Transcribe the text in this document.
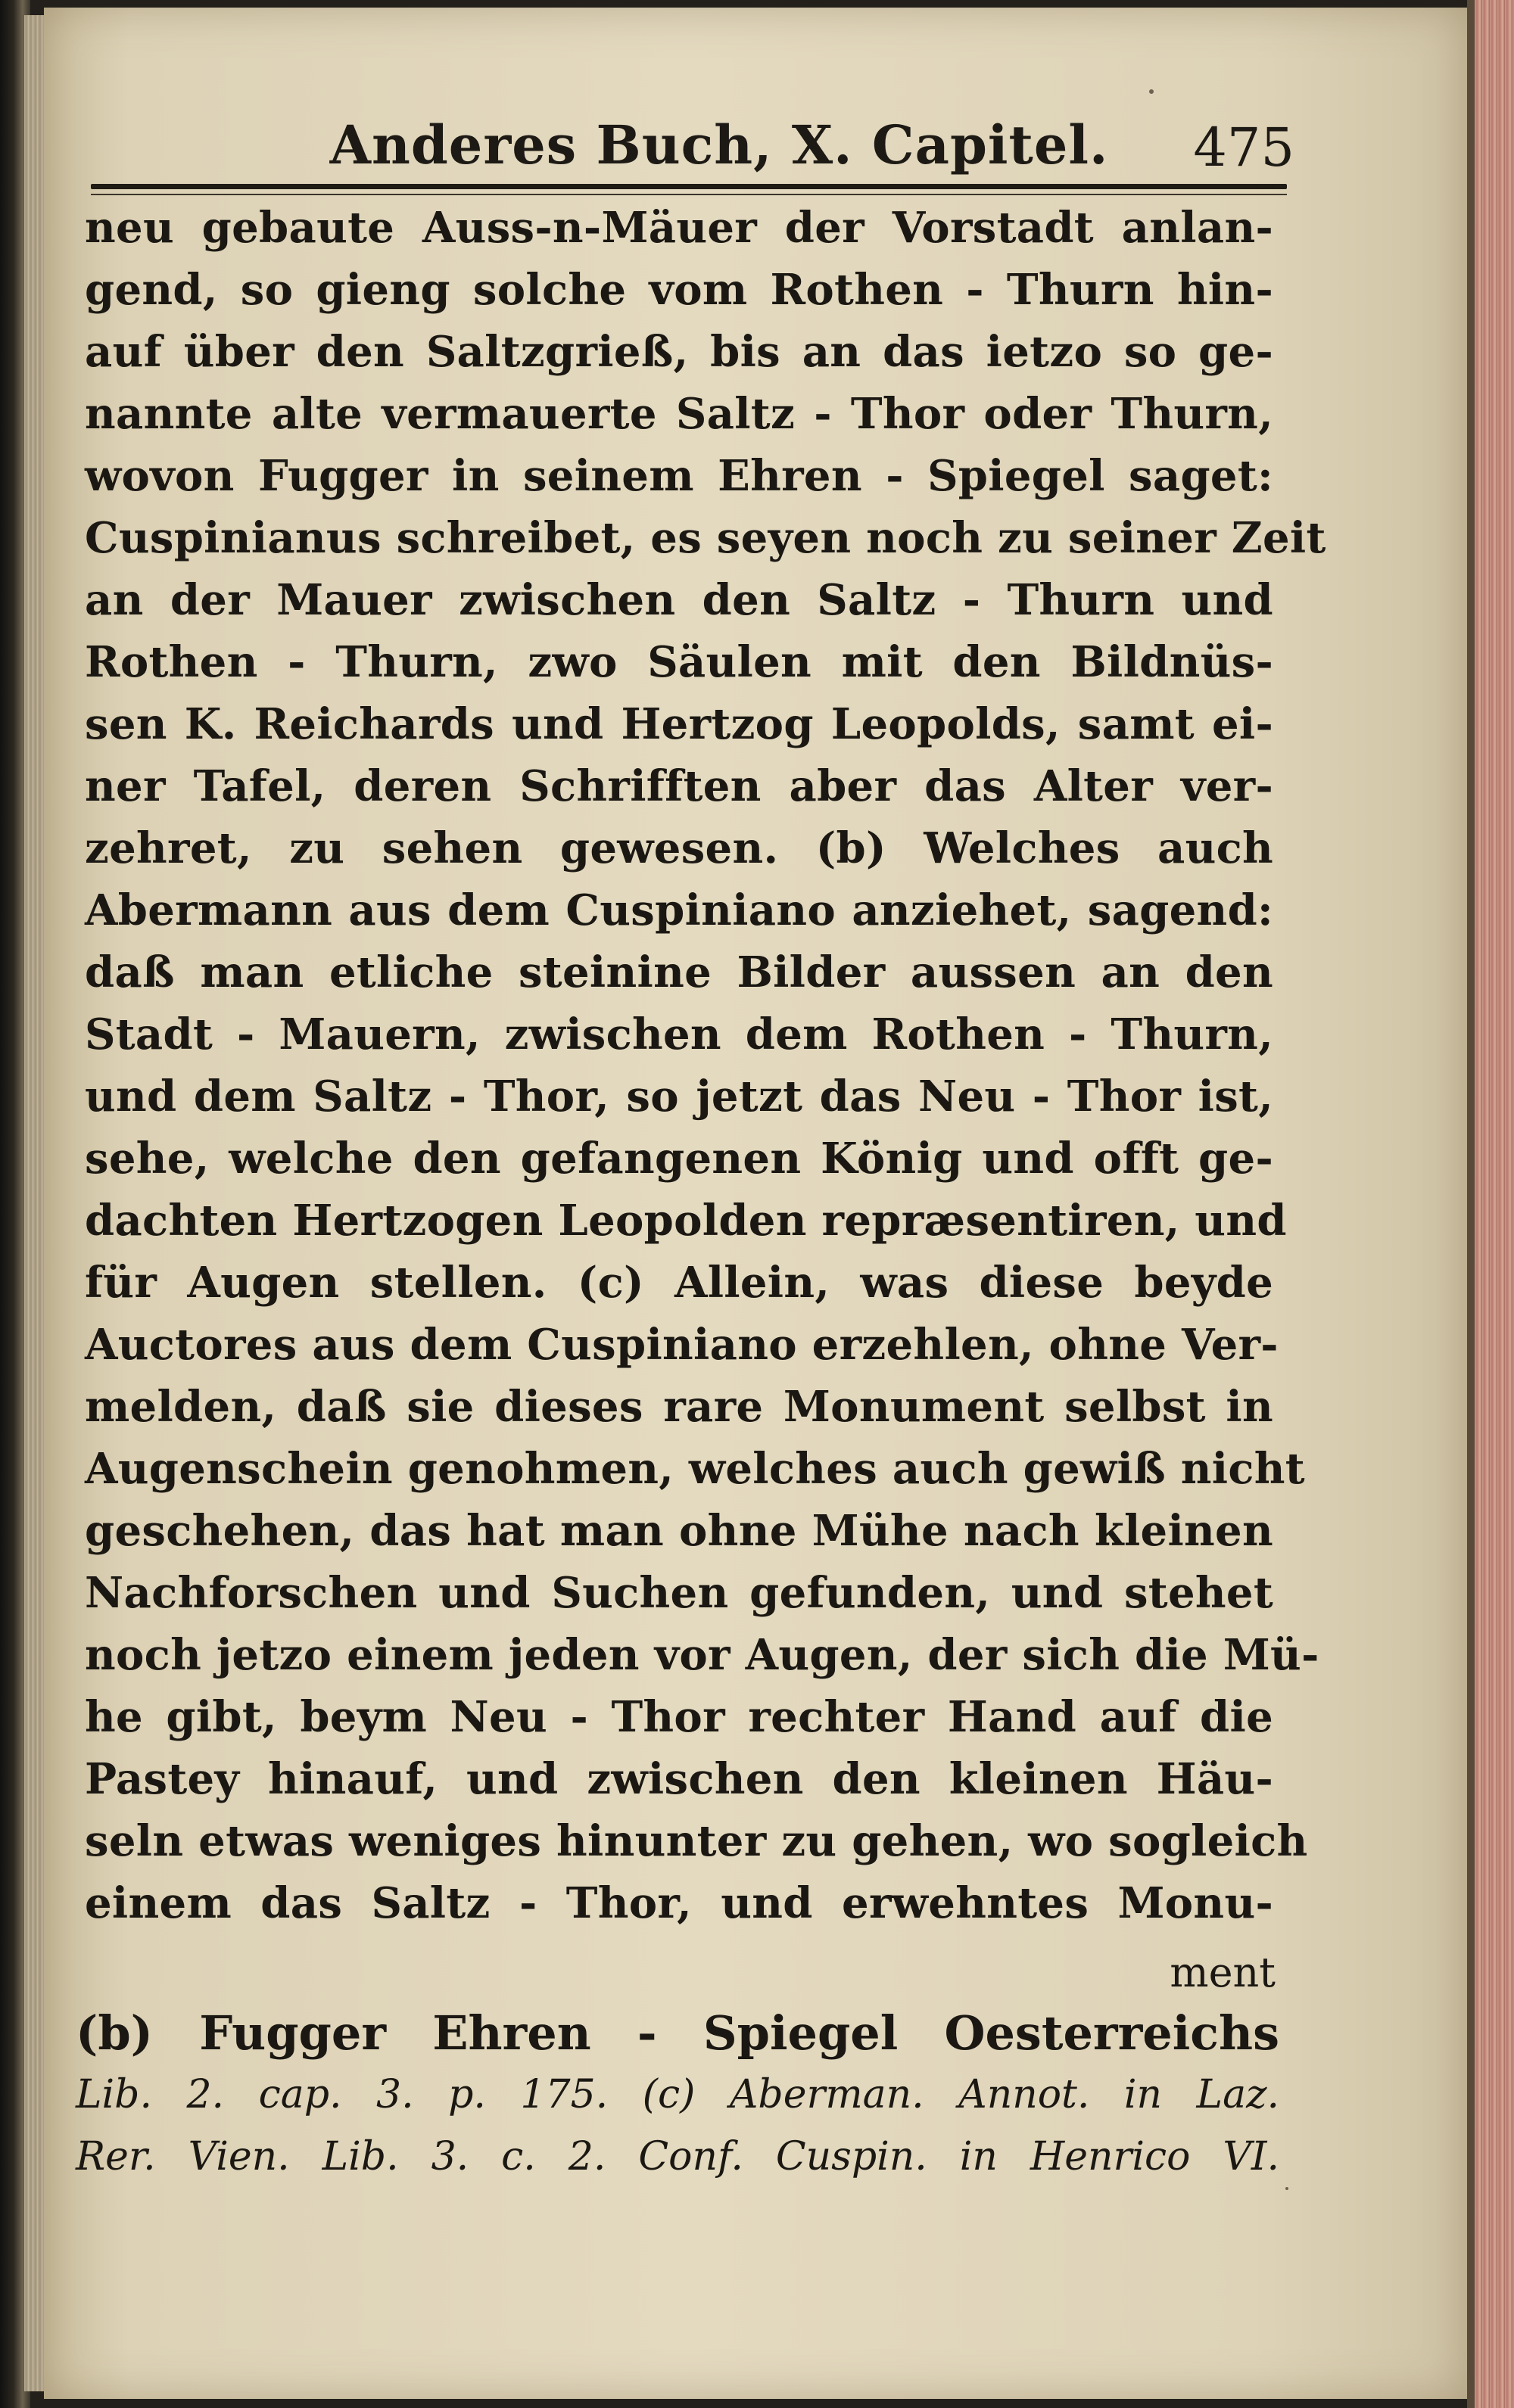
Anderes Buch, X. Capitel.	475
neu gebaute Auss-n-Mäuer der Vorstadt anlan-
gend, so gieng solche vom Rothen - Thurn hin-
auf über den Saltzgrieß, bis an das ietzo so ge-
nannte alte vermauerte Saltz - Thor oder Thurn,
wovon Fugger in seinem Ehren - Spiegel saget:
Cuspinianus schreibet, es seyen noch zu seiner Zeit
an der Mauer zwischen den Saltz - Thurn und
Rothen - Thurn, zwo Säulen mit den Bildnüs-
sen K. Reichards und Hertzog Leopolds, samt ei-
ner Tafel, deren Schrifften aber das Alter ver-
zehret, zu sehen gewesen. (b) Welches auch
Abermann aus dem Cuspiniano anziehet, sagend:
daß man etliche steinine Bilder aussen an den
Stadt - Mauern, zwischen dem Rothen - Thurn,
und dem Saltz - Thor, so jetzt das Neu - Thor ist,
sehe, welche den gefangenen König und offt ge-
dachten Hertzogen Leopolden repræsentiren, und
für Augen stellen. (c) Allein, was diese beyde
Auctores aus dem Cuspiniano erzehlen, ohne Ver-
melden, daß sie dieses rare Monument selbst in
Augenschein genohmen, welches auch gewiß nicht
geschehen, das hat man ohne Mühe nach kleinen
Nachforschen und Suchen gefunden, und stehet
noch jetzo einem jeden vor Augen, der sich die Mü-
he gibt, beym Neu - Thor rechter Hand auf die
Pastey hinauf, und zwischen den kleinen Häu-
seln etwas weniges hinunter zu gehen, wo sogleich
einem das Saltz - Thor, und erwehntes Monu-
ment
(b) Fugger Ehren - Spiegel Oesterreichs
Lib. 2. cap. 3. p. 175. (c) Aberman. Annot. in Laz.
Rer. Vien. Lib. 3. c. 2. Conf. Cuspin. in Henrico VI.
